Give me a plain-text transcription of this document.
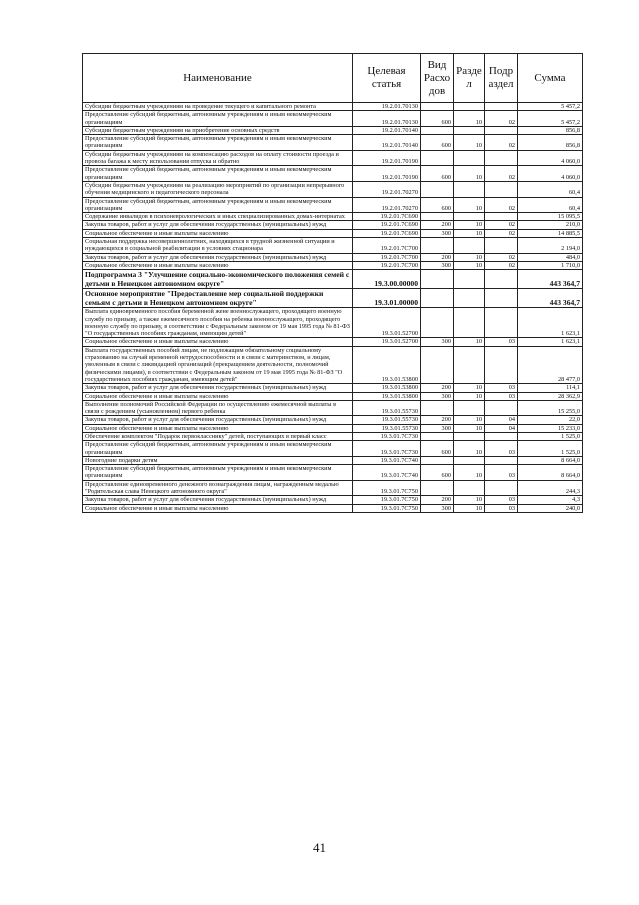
Наименование	Целевая статья	Вид Расхо дов	Разде л	Подр аздел	Сумма
Субсидии бюджетным учреждениям на проведение текущего и капитального ремонта	19.2.01.70130				5 457,2
Предоставление субсидий бюджетным, автономным учреждениям и иным некоммерческим организациям	19.2.01.70130	600	10	02	5 457,2
Субсидии бюджетным учреждениям на приобретение основных средств	19.2.01.70140				856,8
Предоставление субсидий бюджетным, автономным учреждениям и иным некоммерческим организациям	19.2.01.70140	600	10	02	856,8
Субсидии бюджетным учреждениям на компенсацию расходов на оплату стоимости проезда и провоза багажа к месту использования отпуска и обратно	19.2.01.70190				4 060,0
Предоставление субсидий бюджетным, автономным учреждениям и иным некоммерческим организациям	19.2.01.70190	600	10	02	4 060,0
Субсидии бюджетным учреждениям на реализацию мероприятий по организации непрерывного обучения медицинского и педагогического персонала	19.2.01.70270				60,4
Предоставление субсидий бюджетным, автономным учреждениям и иным некоммерческим организациям	19.2.01.70270	600	10	02	60,4
Содержание инвалидов в психоневрологических и иных специализированных домах-интернатах	19.2.01.7С690				15 095,5
Закупка товаров, работ и услуг для обеспечения государственных (муниципальных) нужд	19.2.01.7С690	200	10	02	210,0
Социальное обеспечение и иные выплаты населению	19.2.01.7С690	300	10	02	14 885,5
Социальная поддержка несовершеннолетних, находящихся в трудной жизненной ситуации и нуждающихся в социальной реабилитации в условиях стационара	19.2.01.7С700				2 194,0
Закупка товаров, работ и услуг для обеспечения государственных (муниципальных) нужд	19.2.01.7С700	200	10	02	484,0
Социальное обеспечение и иные выплаты населению	19.2.01.7С700	300	10	02	1 710,0
Подпрограмма 3 "Улучшение социально-экономического положения семей с детьми в Ненецком автономном округе"	19.3.00.00000				443 364,7
Основное мероприятие "Предоставление мер социальной поддержки семьям с детьми в Ненецком автономном округе"	19.3.01.00000				443 364,7
Выплата единовременного пособия беременной жене военнослужащего, проходящего военную службу по призыву, а также ежемесячного пособия на ребенка военнослужащего, проходящего военную службу по призыву, в соответствии с Федеральным законом от 19 мая 1995 года № 81-ФЗ "О государственных пособиях гражданам, имеющим детей"	19.3.01.52700				1 623,1
Социальное обеспечение и иные выплаты населению	19.3.01.52700	300	10	03	1 623,1
Выплата государственных пособий лицам, не подлежащим обязательному социальному страхованию на случай временной нетрудоспособности и в связи с материнством, и лицам, уволенным в связи с ликвидацией организаций (прекращением деятельности, полномочий физическими лицами), в соответствии с Федеральным законом от 19 мая 1995 года № 81-ФЗ "О государственных пособиях гражданам, имеющим детей"	19.3.01.53800				28 477,0
Закупка товаров, работ и услуг для обеспечения государственных (муниципальных) нужд	19.3.01.53800	200	10	03	114,1
Социальное обеспечение и иные выплаты населению	19.3.01.53800	300	10	03	28 362,9
Выполнение полномочий Российской Федерации по осуществлению ежемесячной выплаты в связи с рождением (усыновлением) первого ребенка	19.3.01.55730				15 255,0
Закупка товаров, работ и услуг для обеспечения государственных (муниципальных) нужд	19.3.01.55730	200	10	04	22,0
Социальное обеспечение и иные выплаты населению	19.3.01.55730	300	10	04	15 233,0
Обеспечение комплектом "Подарок первокласснику" детей, поступающих в первый класс	19.3.01.7С730				1 525,0
Предоставление субсидий бюджетным, автономным учреждениям и иным некоммерческим организациям	19.3.01.7С730	600	10	03	1 525,0
Новогодние подарки детям	19.3.01.7С740				8 664,0
Предоставление субсидий бюджетным, автономным учреждениям и иным некоммерческим организациям	19.3.01.7С740	600	10	03	8 664,0
Предоставление единовременного денежного вознаграждения лицам, награжденным медалью "Родительская слава Ненецкого автономного округа"	19.3.01.7С750				244,3
Закупка товаров, работ и услуг для обеспечения государственных (муниципальных) нужд	19.3.01.7С750	200	10	03	4,3
Социальное обеспечение и иные выплаты населению	19.3.01.7С750	300	10	03	240,0
41
